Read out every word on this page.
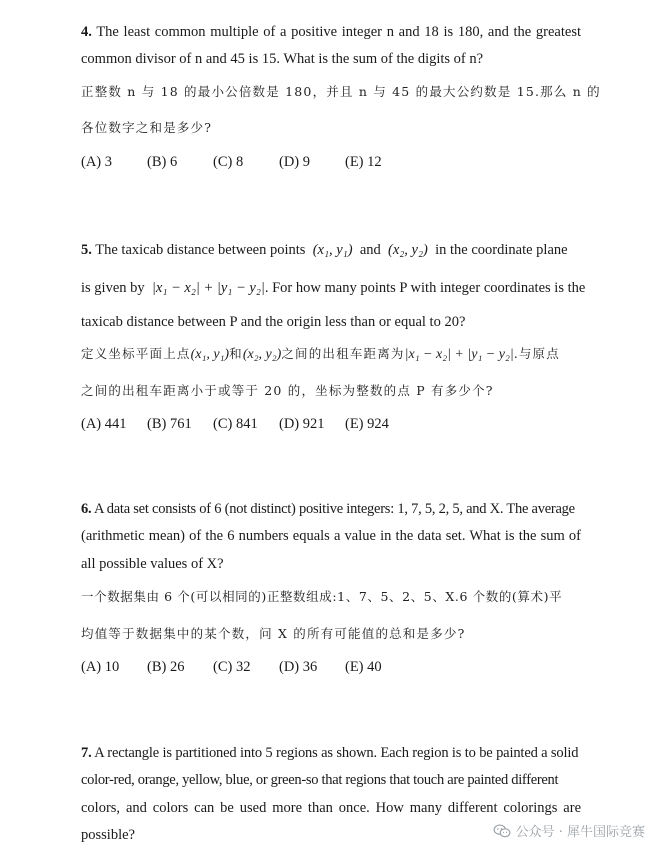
4. The least common multiple of a positive integer n and 18 is 180, and the greatest
common divisor of n and 45 is 15. What is the sum of the digits of n?
正整数 n 与 18 的最小公倍数是 180，并且 n 与 45 的最大公约数是 15.那么 n 的
各位数字之和是多少?
(A) 3 (B) 6 (C) 8 (D) 9 (E) 12
5. The taxicab distance between points (x₁, y₁) and (x₂, y₂) in the coordinate plane
is given by |x₁ − x₂| + |y₁ − y₂|. For how many points P with integer coordinates is the
taxicab distance between P and the origin less than or equal to 20?
定义坐标平面上点(x₁, y₁)和(x₂, y₂)之间的出租车距离为|x₁ − x₂| + |y₁ − y₂|.与原点
之间的出租车距离小于或等于 20 的，坐标为整数的点 P 有多少个?
(A) 441 (B) 761 (C) 841 (D) 921 (E) 924
6. A data set consists of 6 (not distinct) positive integers: 1, 7, 5, 2, 5, and X. The average
(arithmetic mean) of the 6 numbers equals a value in the data set. What is the sum of
all possible values of X?
一个数据集由 6 个(可以相同的)正整数组成:1、7、5、2、5、X.6 个数的(算术)平
均值等于数据集中的某个数，问 X 的所有可能值的总和是多少?
(A) 10 (B) 26 (C) 32 (D) 36 (E) 40
7. A rectangle is partitioned into 5 regions as shown. Each region is to be painted a solid
color-red, orange, yellow, blue, or green-so that regions that touch are painted different
colors, and colors can be used more than once. How many different colorings are
possible?	公众号 · 犀牛国际竞赛
